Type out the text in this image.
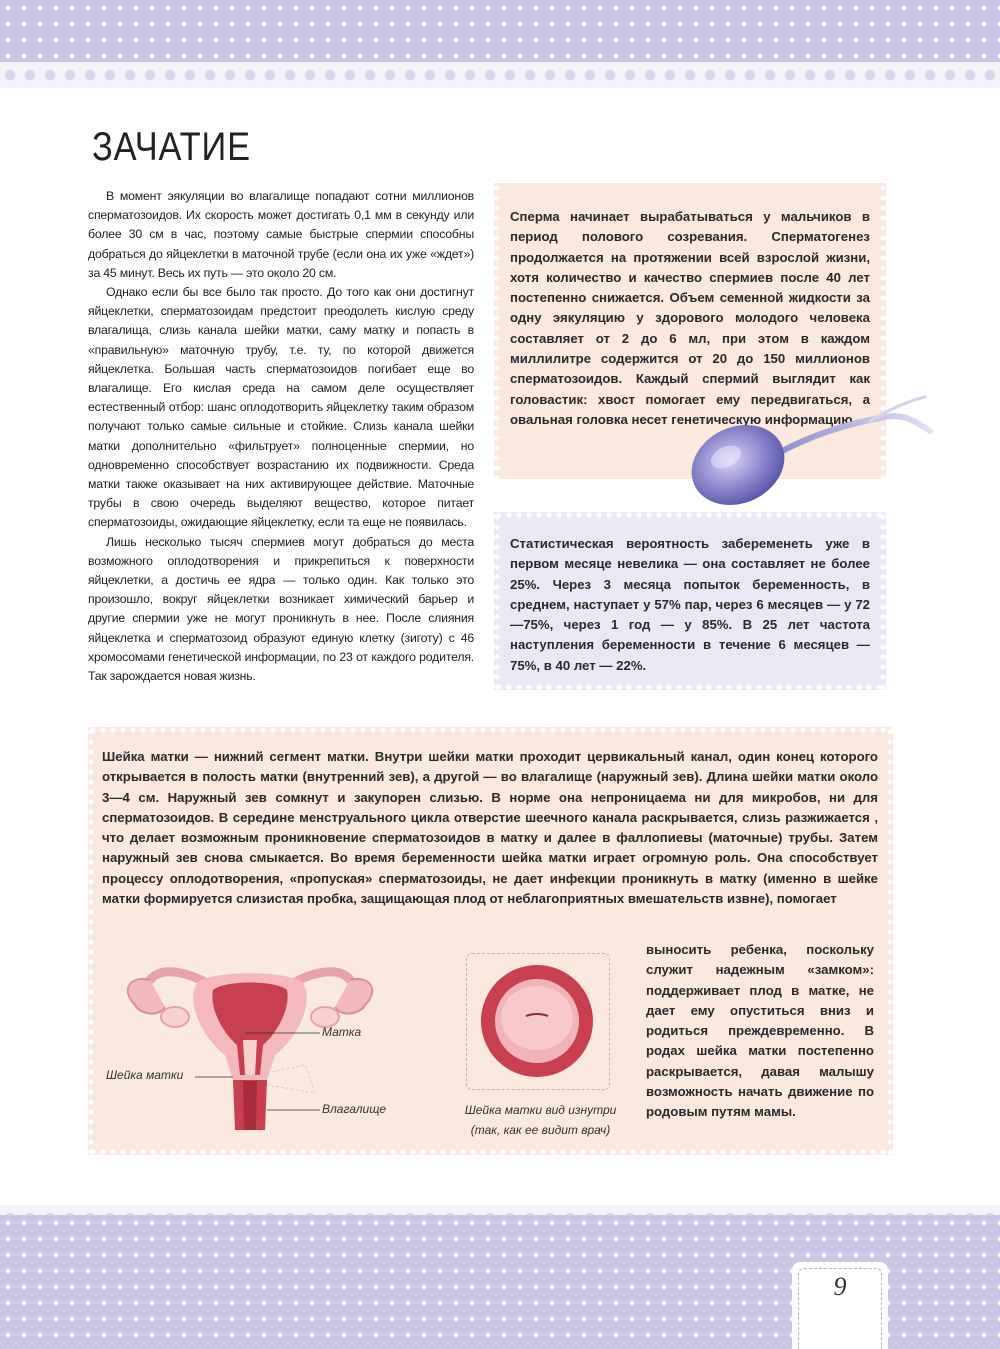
ЗАЧАТИЕ

В момент эякуляции во влагалище попадают сотни миллионов сперматозоидов. Их скорость может достигать 0,1 мм в секунду или более 30 см в час, поэтому самые быстрые спермии способны добраться до яйцеклетки в маточной трубе (если она их уже «ждет») за 45 минут. Весь их путь — это около 20 см.

Однако если бы все было так просто. До того как они достигнут яйцеклетки, сперматозоидам предстоит преодолеть кислую среду влагалища, слизь канала шейки матки, саму матку и попасть в «правильную» маточную трубу, т.е. ту, по которой движется яйцеклетка. Большая часть сперматозоидов погибает еще во влагалище. Его кислая среда на самом деле осуществляет естественный отбор: шанс оплодотворить яйцеклетку таким образом получают только самые сильные и стойкие. Слизь канала шейки матки дополнительно «фильтрует» полноценные спермии, но одновременно способствует возрастанию их подвижности. Среда матки также оказывает на них активирующее действие. Маточные трубы в свою очередь выделяют вещество, которое питает сперматозоиды, ожидающие яйцеклетку, если та еще не появилась.

Лишь несколько тысяч спермиев могут добраться до места возможного оплодотворения и прикрепиться к поверхности яйцеклетки, а достичь ее ядра — только один. Как только это произошло, вокруг яйцеклетки возникает химический барьер и другие спермии уже не могут проникнуть в нее. После слияния яйцеклетка и сперматозоид образуют единую клетку (зиготу) с 46 хромосомами генетической информации, по 23 от каждого родителя. Так зарождается новая жизнь.

Сперма начинает вырабатываться у мальчиков в период полового созревания. Сперматогенез продолжается на протяжении всей взрослой жизни, хотя количество и качество спермиев после 40 лет постепенно снижается. Объем семенной жидкости за одну эякуляцию у здорового молодого человека составляет от 2 до 6 мл, при этом в каждом миллилитре содержится от 20 до 150 миллионов сперматозоидов. Каждый спермий выглядит как головастик: хвост помогает ему передвигаться, а овальная головка несет генетическую информацию.
Статистическая вероятность забеременеть уже в первом месяце невелика — она составляет не более 25%. Через 3 месяца попыток беременность, в среднем, наступает у 57% пар, через 6 месяцев — у 72—75%, через 1 год — у 85%. В 25 лет частота наступления беременности в течение 6 месяцев — 75%, в 40 лет — 22%.
Шейка матки — нижний сегмент матки. Внутри шейки матки проходит цервикальный канал, один конец которого открывается в полость матки (внутренний зев), а другой — во влагалище (наружный зев). Длина шейки матки около 3—4 см. Наружный зев сомкнут и закупорен слизью. В норме она непроницаема ни для микробов, ни для сперматозоидов. В середине менструального цикла отверстие шеечного канала раскрывается, слизь разжижается , что делает возможным проникновение сперматозоидов в матку и далее в фаллопиевы (маточные) трубы. Затем наружный зев снова смыкается. Во время беременности шейка матки играет огромную роль. Она способствует процессу оплодотворения, «пропуская» сперматозоиды, не дает инфекции проникнуть в матку (именно в шейке матки формируется слизистая пробка, защищающая плод от неблагоприятных вмешательств извне), помогает
выносить ребенка, поскольку служит надежным «замком»: поддерживает плод в матке, не дает ему опуститься вниз и родиться преждевременно. В родах шейка матки постепенно раскрывается, давая малышу возможность начать движение по родовым путям мамы.
Матка
Шейка матки
Влагалище	Шейка матки вид изнутри
(так, как ее видит врач)
9
